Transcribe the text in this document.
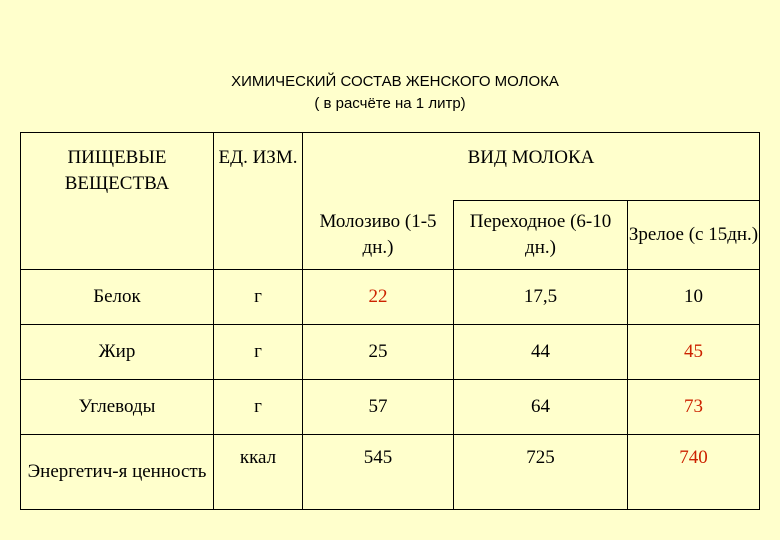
ХИМИЧЕСКИЙ СОСТАВ ЖЕНСКОГО МОЛОКА
( в расчёте на 1 литр)
ПИЩЕВЫЕ ВЕЩЕСТВА	ЕД. ИЗМ.	ВИД МОЛОКА		
		Молозиво (1-5 дн.)	Переходное (6-10 дн.)	Зрелое (с 15дн.)
Белок	г	22	17,5	10
Жир	г	25	44	45
Углеводы	г	57	64	73
Энергетич-я ценность	ккал	545	725	740
